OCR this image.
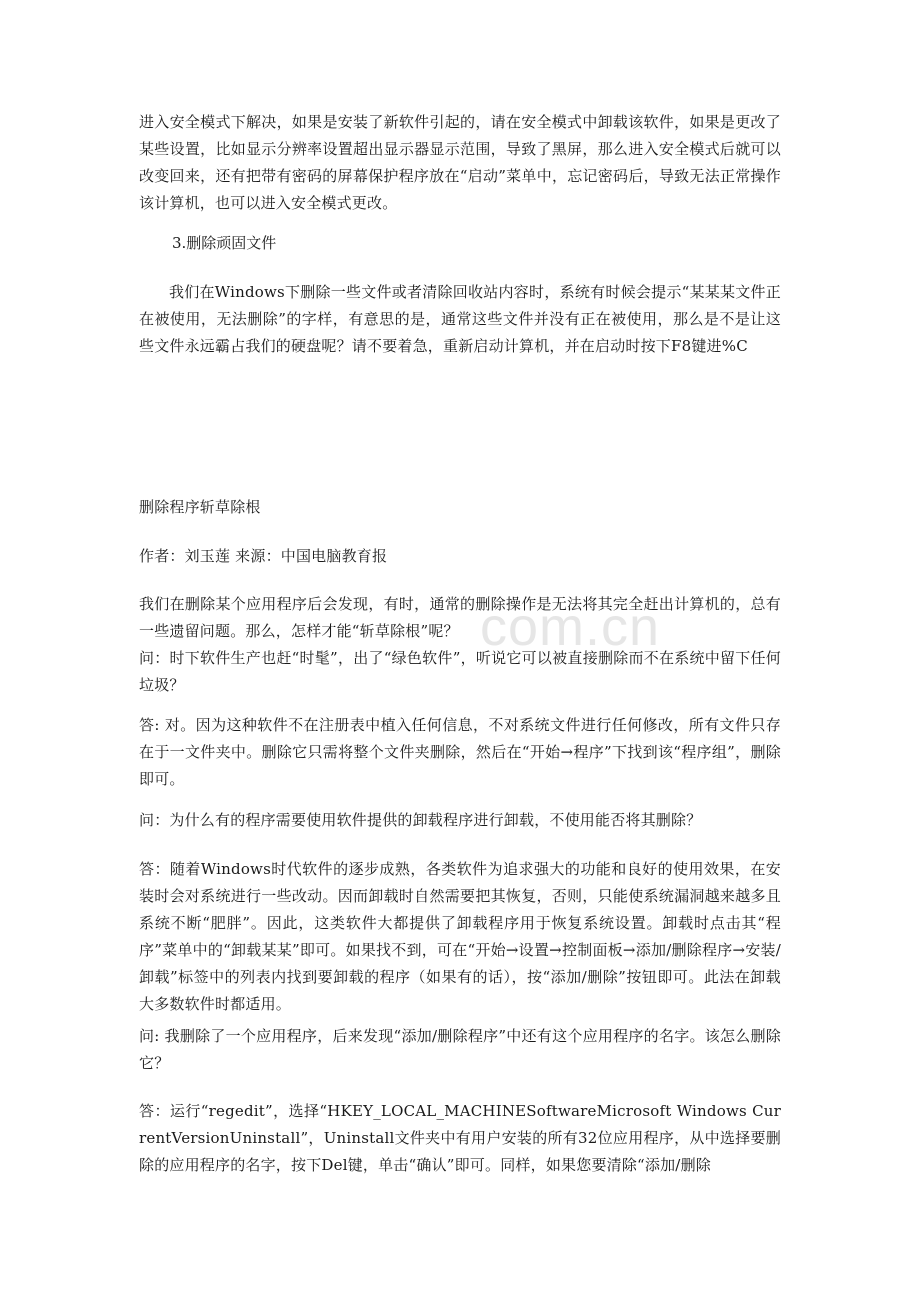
com.cn

进入安全模式下解决，如果是安装了新软件引起的，请在安全模式中卸载该软件，如果是更改了某些设置，比如显示分辨率设置超出显示器显示范围，导致了黑屏，那么进入安全模式后就可以改变回来，还有把带有密码的屏幕保护程序放在“启动”菜单中，忘记密码后，导致无法正常操作该计算机，也可以进入安全模式更改。

3.删除顽固文件

我们在Windows下删除一些文件或者清除回收站内容时，系统有时候会提示“某某某文件正在被使用，无法删除”的字样，有意思的是，通常这些文件并没有正在被使用，那么是不是让这些文件永远霸占我们的硬盘呢？请不要着急，重新启动计算机，并在启动时按下F8键进%C

删除程序斩草除根

作者：刘玉莲 来源：中国电脑教育报

我们在删除某个应用程序后会发现，有时，通常的删除操作是无法将其完全赶出计算机的，总有一些遗留问题。那么，怎样才能“斩草除根”呢？

问：时下软件生产也赶“时髦”，出了“绿色软件”，听说它可以被直接删除而不在系统中留下任何垃圾？

答: 对。因为这种软件不在注册表中植入任何信息，不对系统文件进行任何修改，所有文件只存在于一文件夹中。删除它只需将整个文件夹删除，然后在“开始→程序”下找到该“程序组”，删除即可。

问：为什么有的程序需要使用软件提供的卸载程序进行卸载，不使用能否将其删除？

答：随着Windows时代软件的逐步成熟，各类软件为追求强大的功能和良好的使用效果，在安装时会对系统进行一些改动。因而卸载时自然需要把其恢复，否则，只能使系统漏洞越来越多且系统不断“肥胖”。因此，这类软件大都提供了卸载程序用于恢复系统设置。卸载时点击其“程序”菜单中的“卸载某某”即可。如果找不到，可在“开始→设置→控制面板→添加/删除程序→安装/卸载”标签中的列表内找到要卸载的程序（如果有的话），按“添加/删除”按钮即可。此法在卸载大多数软件时都适用。

问: 我删除了一个应用程序，后来发现“添加/删除程序”中还有这个应用程序的名字。该怎么删除它？

答：运行“regedit”，选择“HKEY_LOCAL_MACHINESoftwareMicrosoft Windows CurrentVersionUninstall”，Uninstall文件夹中有用户安装的所有32位应用程序，从中选择要删除的应用程序的名字，按下Del键，单击“确认”即可。同样，如果您要清除“添加/删除
